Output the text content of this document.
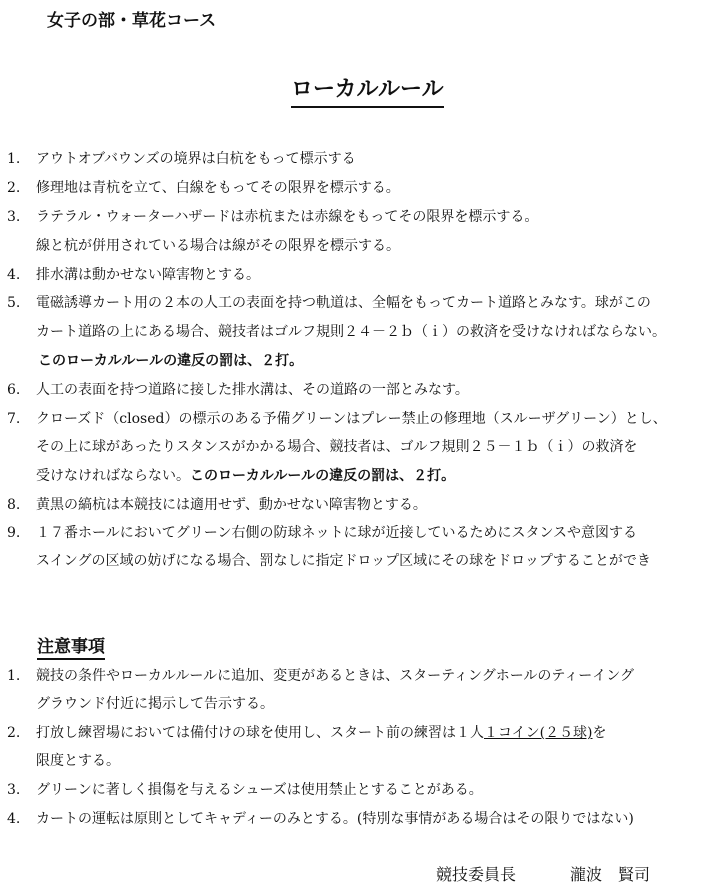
女子の部・草花コース
ローカルルール
1. アウトオブバウンズの境界は白杭をもって標示する
2. 修理地は青杭を立て、白線をもってその限界を標示する。
3. ラテラル・ウォーターハザードは赤杭または赤線をもってその限界を標示する。
線と杭が併用されている場合は線がその限界を標示する。
4. 排水溝は動かせない障害物とする。
5. 電磁誘導カート用の２本の人工の表面を持つ軌道は、全幅をもってカート道路とみなす。球がこの
カート道路の上にある場合、競技者はゴルフ規則２４－２ｂ（ｉ）の救済を受けなければならない。
このローカルルールの違反の罰は、２打。
6. 人工の表面を持つ道路に接した排水溝は、その道路の一部とみなす。
7. クローズド（closed）の標示のある予備グリーンはプレー禁止の修理地（スルーザグリーン）とし、
その上に球があったりスタンスがかかる場合、競技者は、ゴルフ規則２５－１ｂ（ｉ）の救済を
受けなければならない。このローカルルールの違反の罰は、２打。
8. 黄黒の縞杭は本競技には適用せず、動かせない障害物とする。
9. １７番ホールにおいてグリーン右側の防球ネットに球が近接しているためにスタンスや意図する
スイングの区域の妨げになる場合、罰なしに指定ドロップ区域にその球をドロップすることができ
注意事項
1. 競技の条件やローカルルールに追加、変更があるときは、スターティングホールのティーイング
グラウンド付近に掲示して告示する。
2. 打放し練習場においては備付けの球を使用し、スタート前の練習は１人１コイン(２５球)を
限度とする。
3. グリーンに著しく損傷を与えるシューズは使用禁止とすることがある。
4. カートの運転は原則としてキャディーのみとする。(特別な事情がある場合はその限りではない)
競技委員長	瀧波　賢司
